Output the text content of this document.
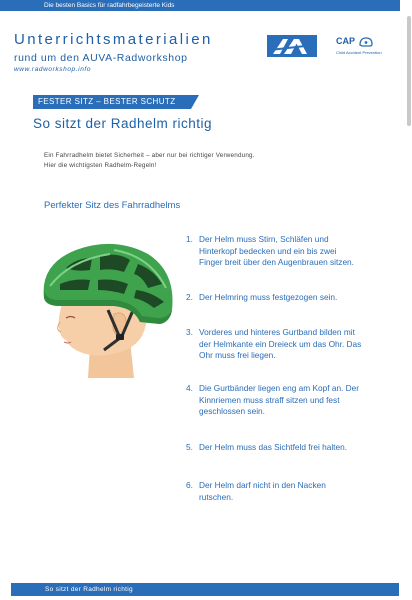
Die besten Basics für radfahrbegeisterte Kids
Unterrichtsmaterialien
rund um den AUVA-Radworkshop
www.radworkshop.info
CAP
Child Accident Prevention
FESTER SITZ – BESTER SCHUTZ
So sitzt der Radhelm richtig
Ein Fahrradhelm bietet Sicherheit – aber nur bei richtiger Verwendung.
Hier die wichtigsten Radhelm-Regeln!
Perfekter Sitz des Fahrradhelms
1. Der Helm muss Stirn, Schläfen und
Hinterkopf bedecken und ein bis zwei
Finger breit über den Augenbrauen sitzen.
2. Der Helmring muss festgezogen sein.
3. Vorderes und hinteres Gurtband bilden mit
der Helmkante ein Dreieck um das Ohr. Das
Ohr muss frei liegen.
4. Die Gurtbänder liegen eng am Kopf an. Der
Kinnriemen muss straff sitzen und fest
geschlossen sein.
5. Der Helm muss das Sichtfeld frei halten.
6. Der Helm darf nicht in den Nacken
rutschen.
So sitzt der Radhelm richtig
